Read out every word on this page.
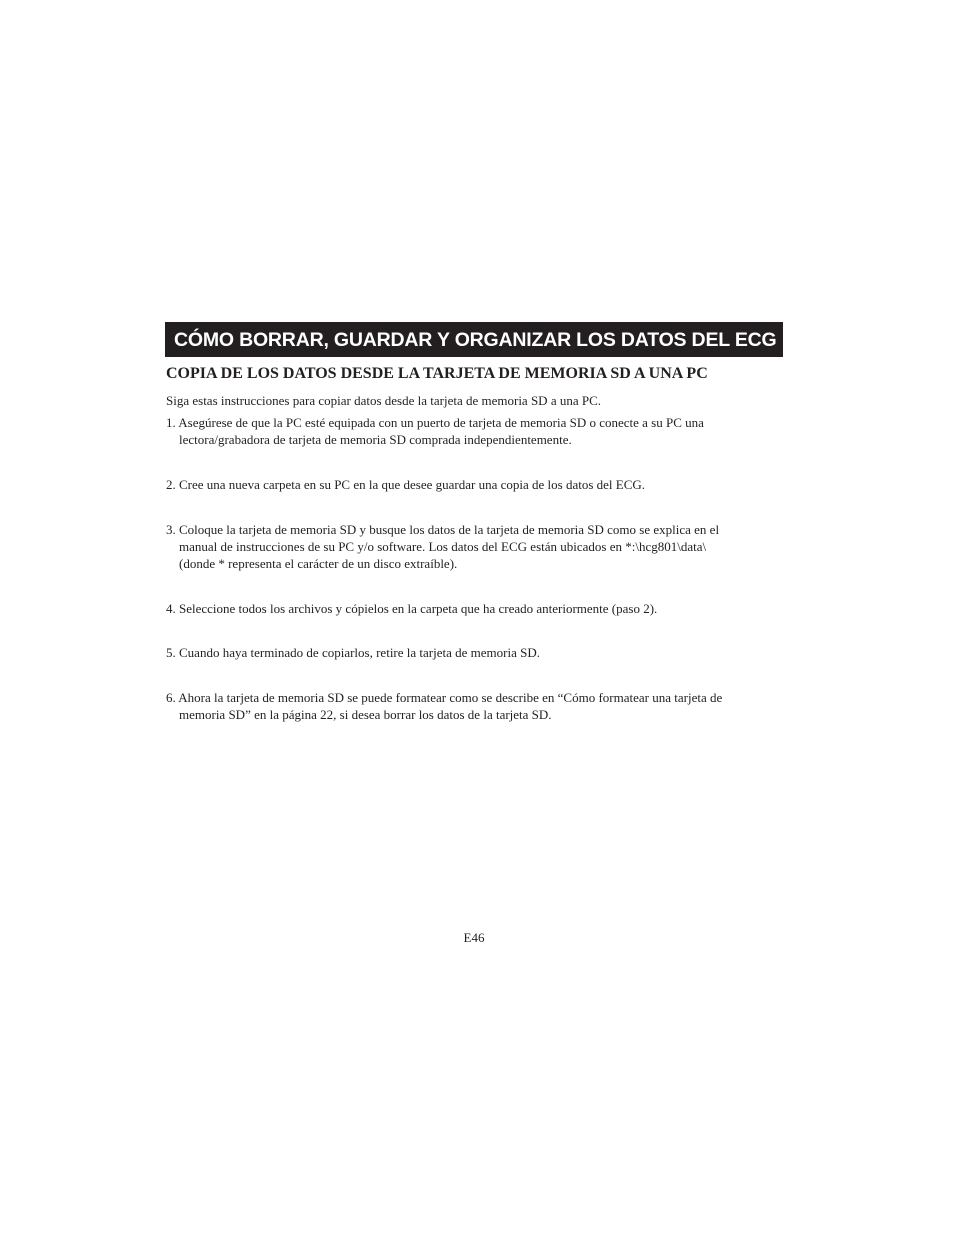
CÓMO BORRAR, GUARDAR Y ORGANIZAR LOS DATOS DEL ECG
COPIA DE LOS DATOS DESDE LA TARJETA DE MEMORIA SD A UNA PC
Siga estas instrucciones para copiar datos desde la tarjeta de memoria SD a una PC.
1. Asegúrese de que la PC esté equipada con un puerto de tarjeta de memoria SD o conecte a su PC una
lectora/grabadora de tarjeta de memoria SD comprada independientemente.
2. Cree una nueva carpeta en su PC en la que desee guardar una copia de los datos del ECG.
3. Coloque la tarjeta de memoria SD y busque los datos de la tarjeta de memoria SD como se explica en el
manual de instrucciones de su PC y/o software. Los datos del ECG están ubicados en *:\hcg801\data\
(donde * representa el carácter de un disco extraíble).
4. Seleccione todos los archivos y cópielos en la carpeta que ha creado anteriormente (paso 2).
5. Cuando haya terminado de copiarlos, retire la tarjeta de memoria SD.
6. Ahora la tarjeta de memoria SD se puede formatear como se describe en “Cómo formatear una tarjeta de
memoria SD” en la página 22, si desea borrar los datos de la tarjeta SD.
E46
